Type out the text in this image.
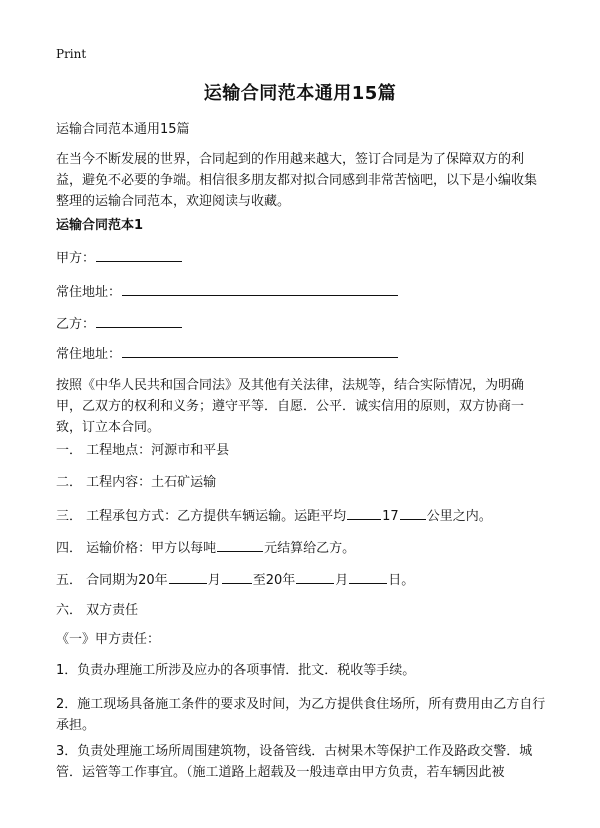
Print
运输合同范本通用15篇
运输合同范本通用15篇
在当今不断发展的世界，合同起到的作用越来越大，签订合同是为了保障双方的利益，避免不必要的争端。相信很多朋友都对拟合同感到非常苦恼吧，以下是小编收集整理的运输合同范本，欢迎阅读与收藏。
运输合同范本1
甲方：
常住地址：
乙方：
常住地址：
按照《中华人民共和国合同法》及其他有关法律，法规等，结合实际情况，为明确甲，乙双方的权利和义务；遵守平等．自愿．公平．诚实信用的原则，双方协商一致，订立本合同。
一． 工程地点：河源市和平县
二． 工程内容：土石矿运输
三． 工程承包方式：乙方提供车辆运输。运距平均	17 公里之内。
四． 运输价格：甲方以每吨	元结算给乙方。
五． 合同期为20年	月 至20年	月	日。
六． 双方责任
《一》甲方责任：
1．负责办理施工所涉及应办的各项事情．批文．税收等手续。
2．施工现场具备施工条件的要求及时间，为乙方提供食住场所，所有费用由乙方自行承担。
3．负责处理施工场所周围建筑物，设备管线．古树果木等保护工作及路政交警．城管．运管等工作事宜。（施工道路上超载及一般违章由甲方负责，若车辆因此被
